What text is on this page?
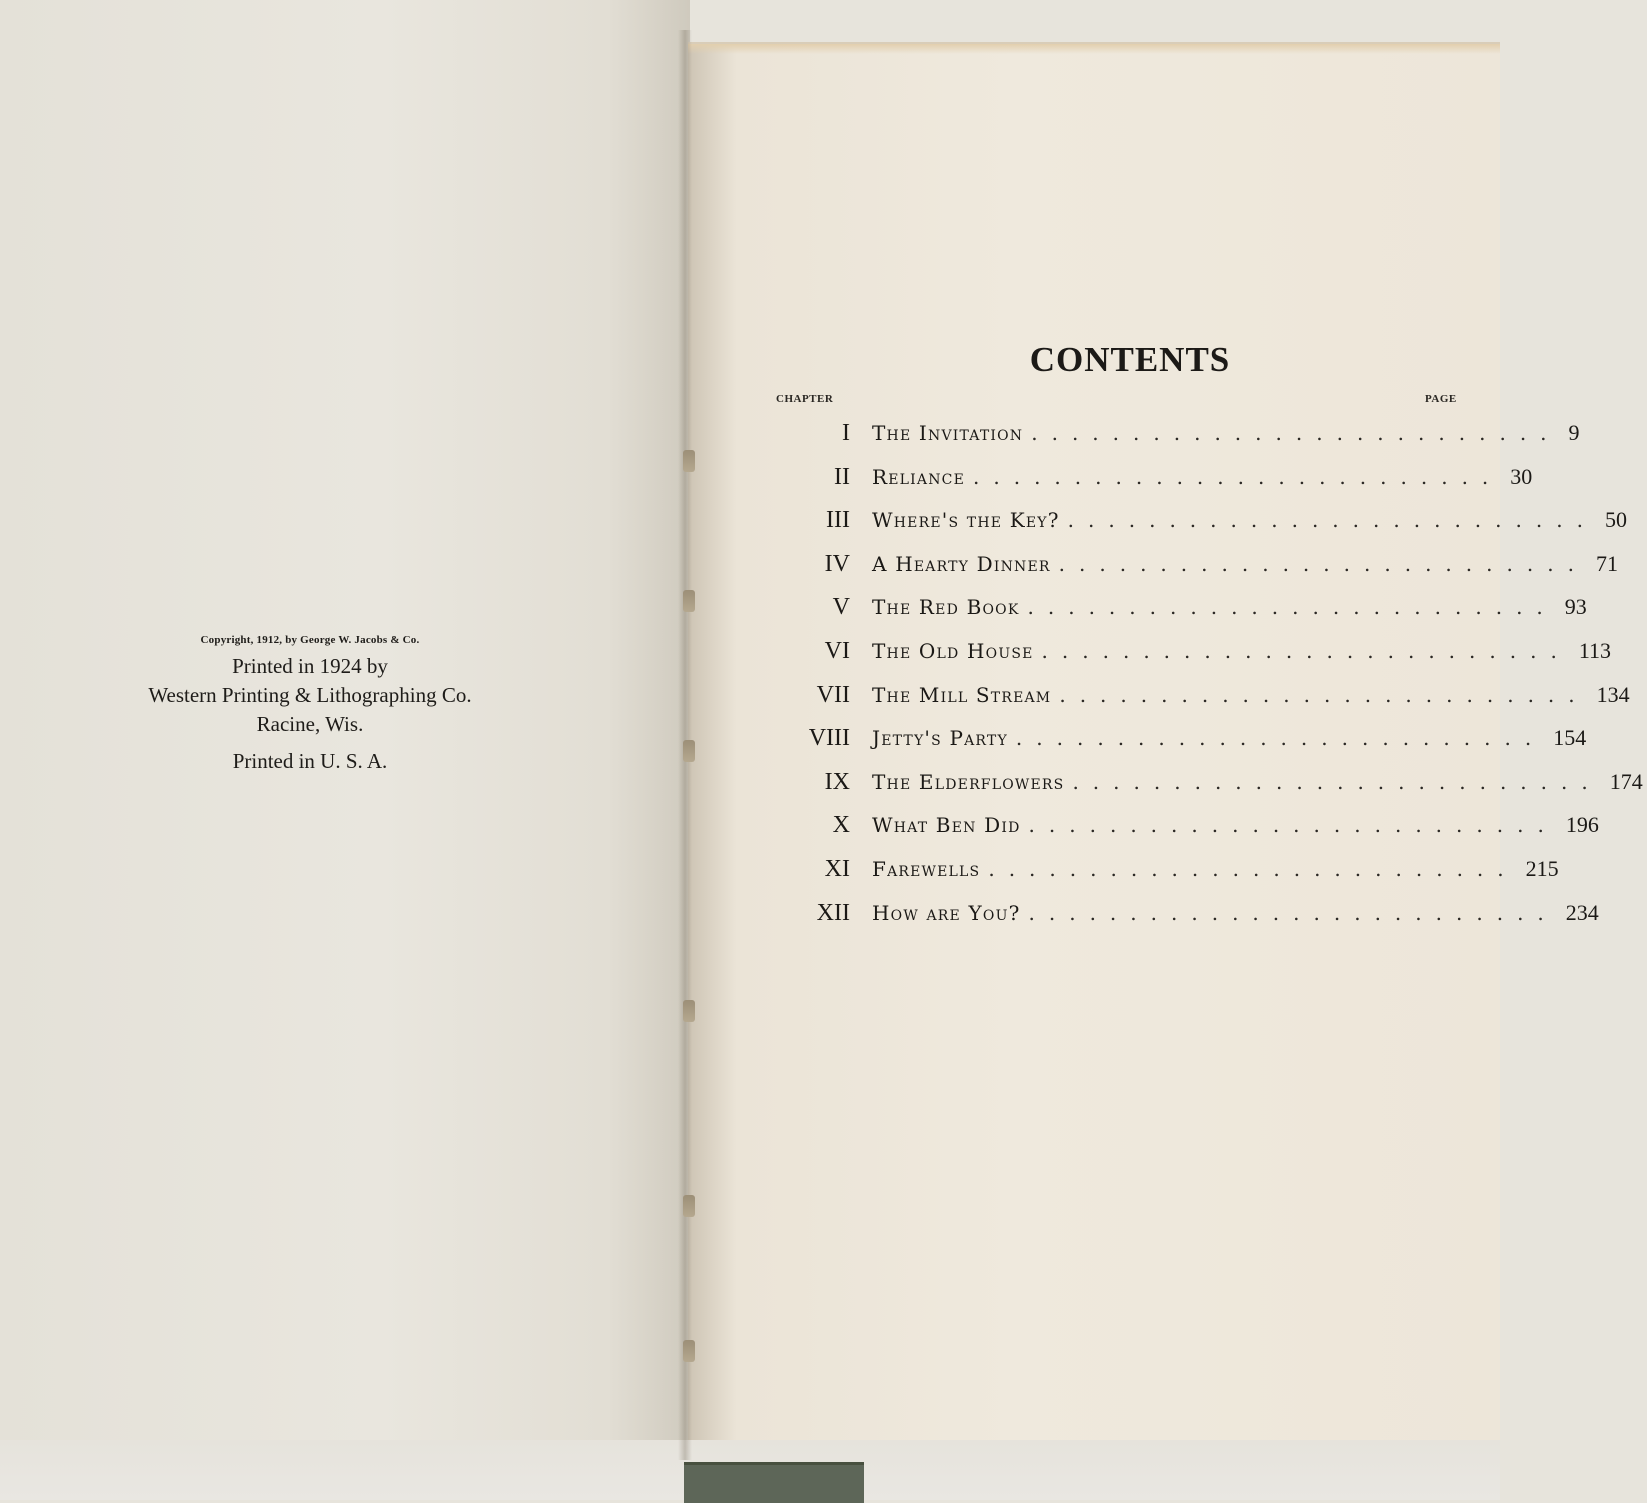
Copyright, 1912, by George W. Jacobs & Co.
Printed in 1924 by
Western Printing & Lithographing Co.
Racine, Wis.
Printed in U. S. A.
CONTENTS
CHAPTER	PAGE
I The Invitation .......................... 9
II Reliance .......................... 30
III Where's the Key? .......................... 50
IV A Hearty Dinner .......................... 71
V The Red Book .......................... 93
VI The Old House .......................... 113
VII The Mill Stream .......................... 134
VIII Jetty's Party .......................... 154
IX The Elderflowers .......................... 174
X What Ben Did .......................... 196
XI Farewells .......................... 215
XII How are You? .......................... 234
